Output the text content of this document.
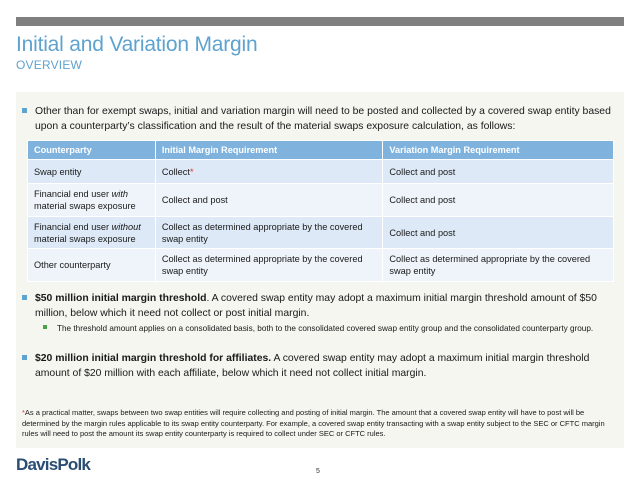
Initial and Variation Margin
OVERVIEW
Other than for exempt swaps, initial and variation margin will need to be posted and collected by a covered swap entity based upon a counterparty’s classification and the result of the material swaps exposure calculation, as follows:
Counterparty	Initial Margin Requirement	Variation Margin Requirement
Swap entity	Collect*	Collect and post
Financial end user with material swaps exposure	Collect and post	Collect and post
Financial end user without material swaps exposure	Collect as determined appropriate by the covered swap entity	Collect and post
Other counterparty	Collect as determined appropriate by the covered swap entity	Collect as determined appropriate by the covered swap entity
$50 million initial margin threshold. A covered swap entity may adopt a maximum initial margin threshold amount of $50 million, below which it need not collect or post initial margin.
The threshold amount applies on a consolidated basis, both to the consolidated covered swap entity group and the consolidated counterparty group.
$20 million initial margin threshold for affiliates. A covered swap entity may adopt a maximum initial margin threshold amount of $20 million with each affiliate, below which it need not collect initial margin.
*As a practical matter, swaps between two swap entities will require collecting and posting of initial margin. The amount that a covered swap entity will have to post will be determined by the margin rules applicable to its swap entity counterparty. For example, a covered swap entity transacting with a swap entity subject to the SEC or CFTC margin rules will need to post the amount its swap entity counterparty is required to collect under SEC or CFTC rules.
DavisPolk	5
